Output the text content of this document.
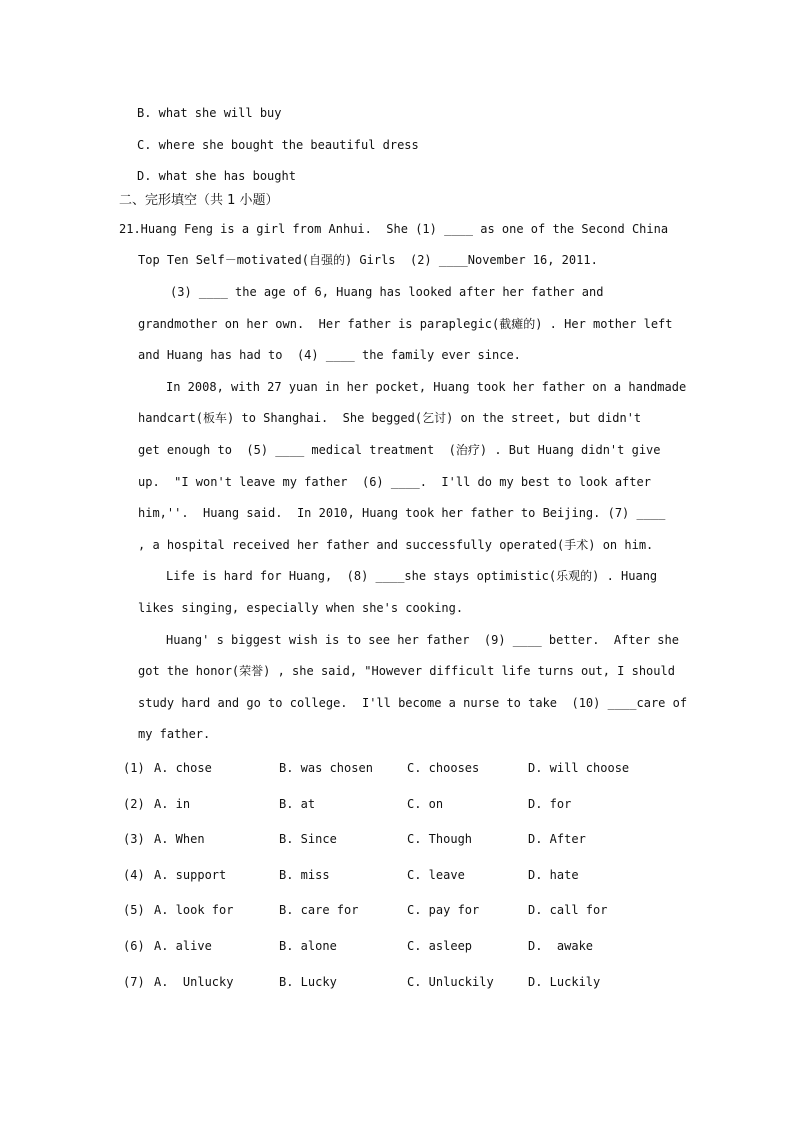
B. what she will buy
C. where she bought the beautiful dress
D. what she has bought
二、完形填空（共 1 小题）
21.Huang Feng is a girl from Anhui.  She (1) ____ as one of the Second China
Top Ten Self－motivated(自强的) Girls  (2) ____November 16, 2011.
(3) ____ the age of 6, Huang has looked after her father and
grandmother on her own.  Her father is paraplegic(截瘫的) . Her mother left
and Huang has had to  (4) ____ the family ever since.
In 2008, with 27 yuan in her pocket, Huang took her father on a handmade
handcart(板车) to Shanghai.  She begged(乞讨) on the street, but didn't
get enough to  (5) ____ medical treatment  (治疗) . But Huang didn't give
up.  "I won't leave my father  (6) ____.  I'll do my best to look after
him,''.  Huang said.  In 2010, Huang took her father to Beijing. (7) ____
, a hospital received her father and successfully operated(手术) on him.
Life is hard for Huang,  (8) ____she stays optimistic(乐观的) . Huang
likes singing, especially when she's cooking.
Huang' s biggest wish is to see her father  (9) ____ better.  After she
got the honor(荣誉) , she said, "However difficult life turns out, I should
study hard and go to college.  I'll become a nurse to take  (10) ____care of
my father.
(1) A. chose	B. was chosen	C. chooses	D. will choose
(2) A. in	B. at	C. on	D. for
(3) A. When	B. Since	C. Though	D. After
(4) A. support	B. miss	C. leave	D. hate
(5) A. look for	B. care for	C. pay for	D. call for
(6) A. alive	B. alone	C. asleep	D.  awake
(7) A.  Unlucky	B. Lucky	C. Unluckily	D. Luckily
